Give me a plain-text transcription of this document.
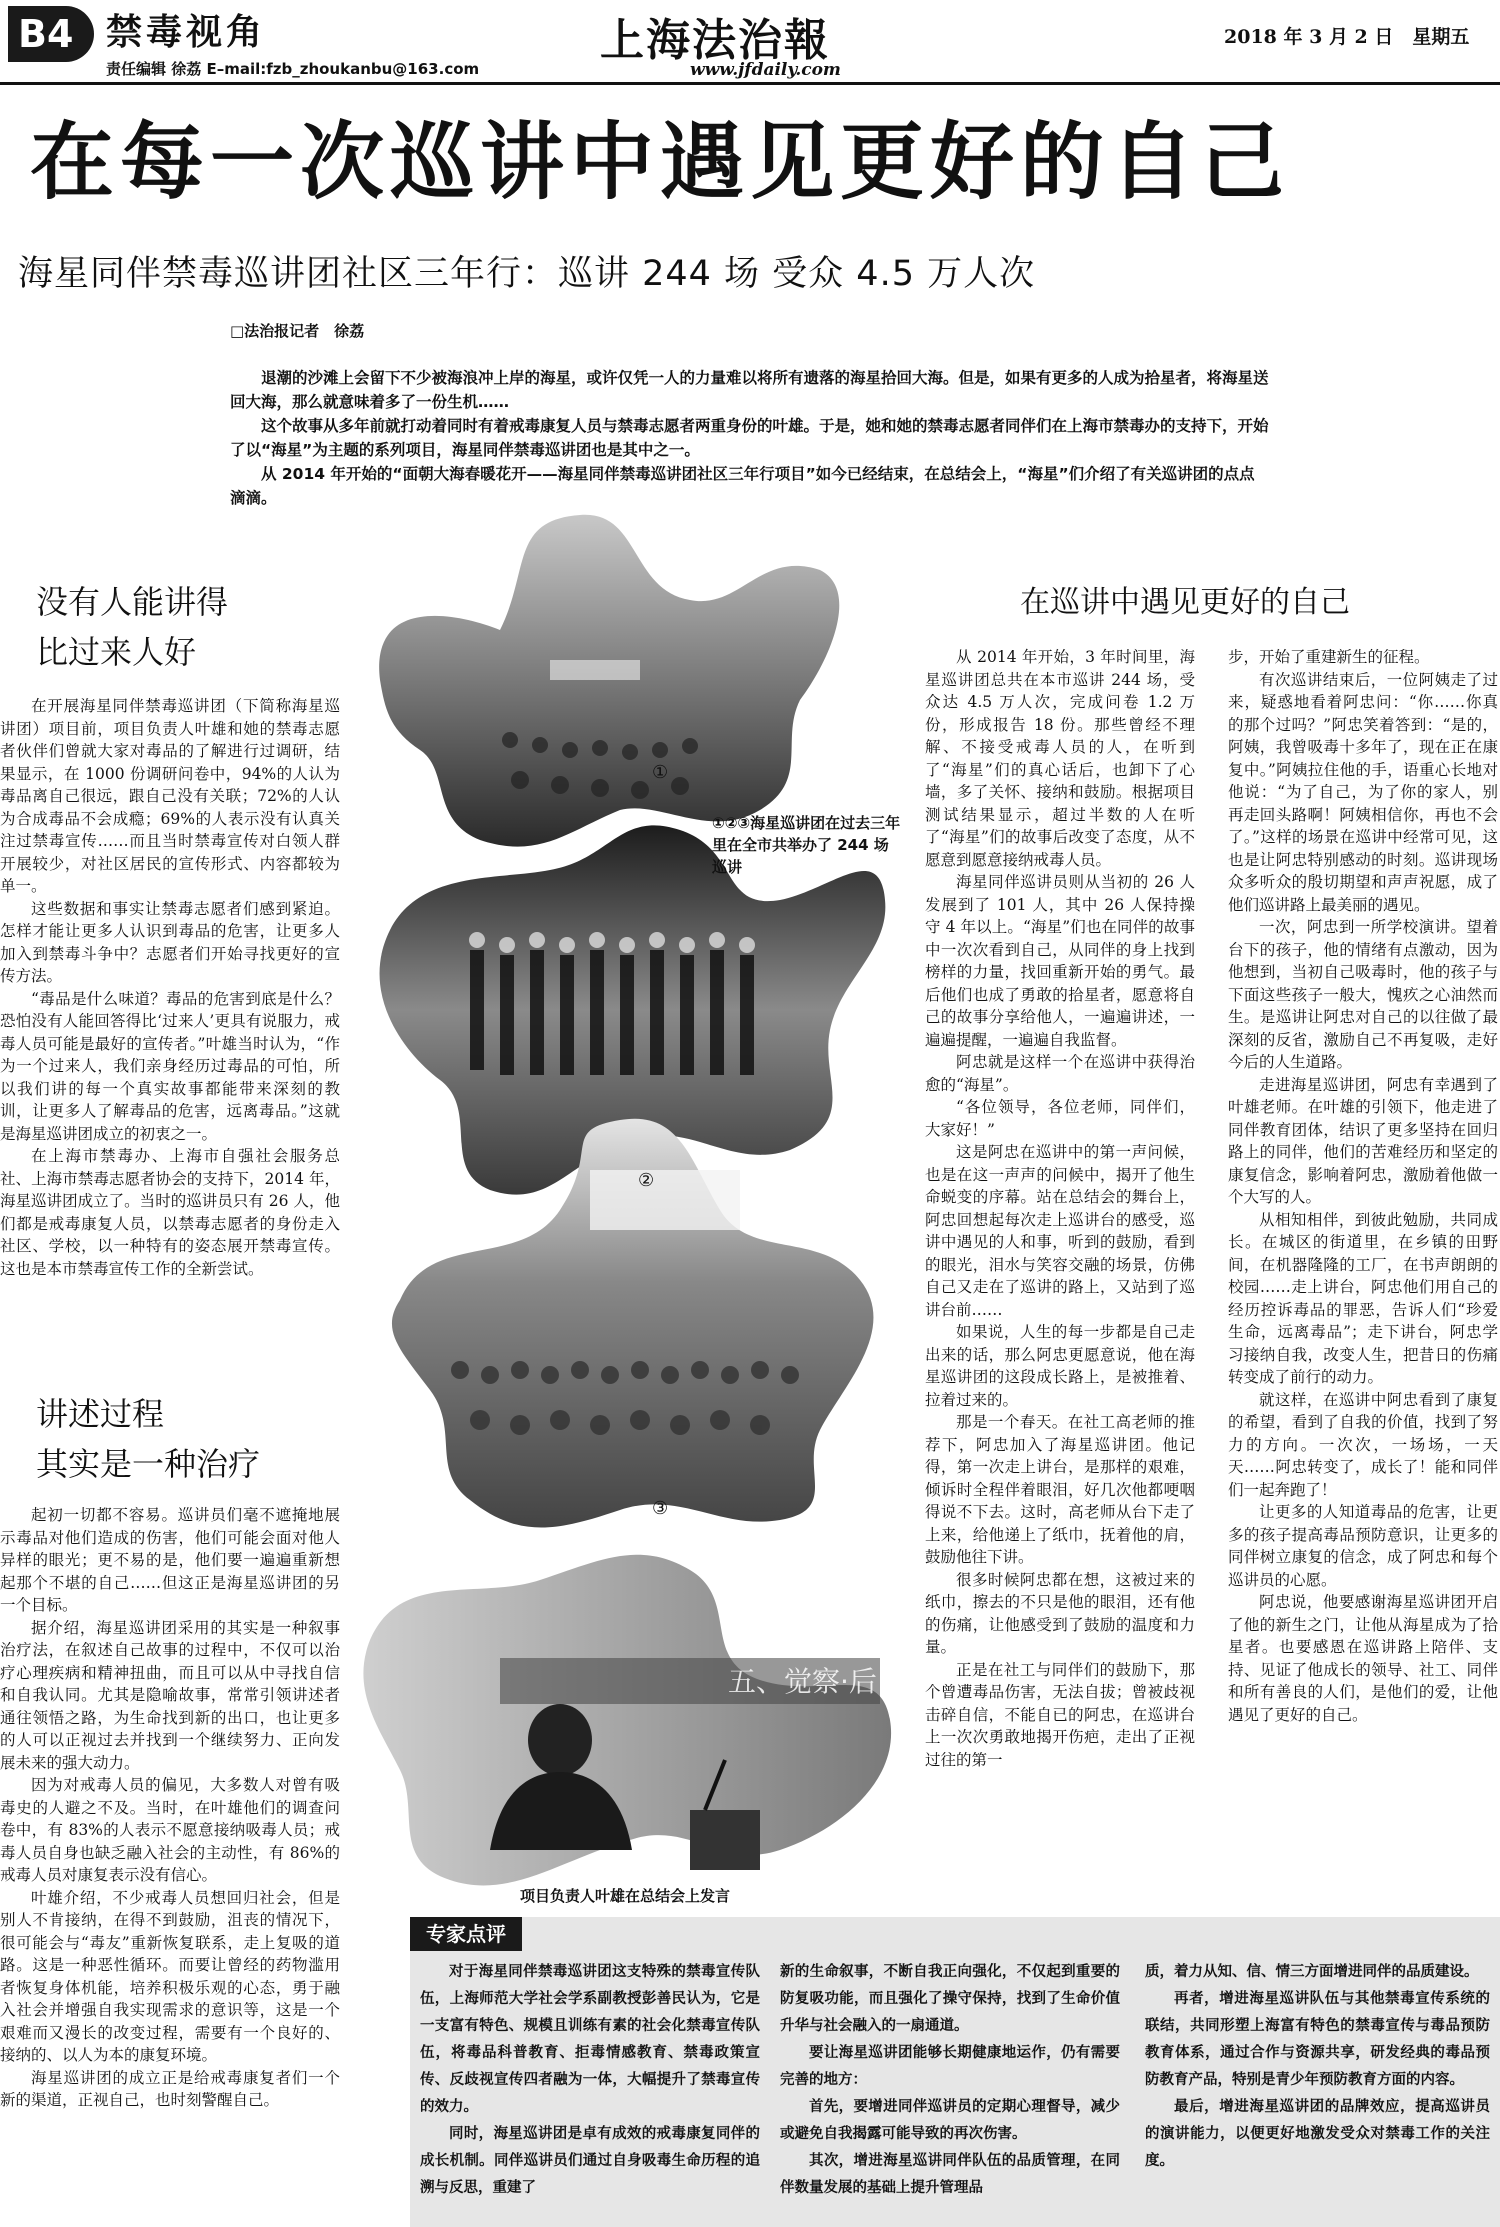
B4 禁毒视角
责任编辑 徐荔 E–mail:fzb_zhoukanbu@163.com
上海法治報
www.jfdaily.com
2018 年 3 月 2 日　星期五
在每一次巡讲中遇见更好的自己
海星同伴禁毒巡讲团社区三年行：巡讲 244 场 受众 4.5 万人次
□法治报记者　徐荔

退潮的沙滩上会留下不少被海浪冲上岸的海星，或许仅凭一人的力量难以将所有遗落的海星拾回大海。但是，如果有更多的人成为拾星者，将海星送回大海，那么就意味着多了一份生机……

这个故事从多年前就打动着同时有着戒毒康复人员与禁毒志愿者两重身份的叶雄。于是，她和她的禁毒志愿者同伴们在上海市禁毒办的支持下，开始了以“海星”为主题的系列项目，海星同伴禁毒巡讲团也是其中之一。

从 2014 年开始的“面朝大海春暖花开——海星同伴禁毒巡讲团社区三年行项目”如今已经结束，在总结会上，“海星”们介绍了有关巡讲团的点点滴滴。

没有人能讲得
比过来人好

在开展海星同伴禁毒巡讲团（下简称海星巡讲团）项目前，项目负责人叶雄和她的禁毒志愿者伙伴们曾就大家对毒品的了解进行过调研，结果显示，在 1000 份调研问卷中，94%的人认为毒品离自己很远，跟自己没有关联；72%的人认为合成毒品不会成瘾；69%的人表示没有认真关注过禁毒宣传……而且当时禁毒宣传对白领人群开展较少，对社区居民的宣传形式、内容都较为单一。

这些数据和事实让禁毒志愿者们感到紧迫。怎样才能让更多人认识到毒品的危害，让更多人加入到禁毒斗争中？志愿者们开始寻找更好的宣传方法。

“毒品是什么味道？毒品的危害到底是什么？恐怕没有人能回答得比‘过来人’更具有说服力，戒毒人员可能是最好的宣传者。”叶雄当时认为，“作为一个过来人，我们亲身经历过毒品的可怕，所以我们讲的每一个真实故事都能带来深刻的教训，让更多人了解毒品的危害，远离毒品。”这就是海星巡讲团成立的初衷之一。

在上海市禁毒办、上海市自强社会服务总社、上海市禁毒志愿者协会的支持下，2014 年，海星巡讲团成立了。当时的巡讲员只有 26 人，他们都是戒毒康复人员，以禁毒志愿者的身份走入社区、学校，以一种特有的姿态展开禁毒宣传。这也是本市禁毒宣传工作的全新尝试。

讲述过程
其实是一种治疗

起初一切都不容易。巡讲员们毫不遮掩地展示毒品对他们造成的伤害，他们可能会面对他人异样的眼光；更不易的是，他们要一遍遍重新想起那个不堪的自己……但这正是海星巡讲团的另一个目标。

据介绍，海星巡讲团采用的其实是一种叙事治疗法，在叙述自己故事的过程中，不仅可以治疗心理疾病和精神扭曲，而且可以从中寻找自信和自我认同。尤其是隐喻故事，常常引领讲述者通往领悟之路，为生命找到新的出口，也让更多的人可以正视过去并找到一个继续努力、正向发展未来的强大动力。

因为对戒毒人员的偏见，大多数人对曾有吸毒史的人避之不及。当时，在叶雄他们的调查问卷中，有 83%的人表示不愿意接纳吸毒人员；戒毒人员自身也缺乏融入社会的主动性，有 86%的戒毒人员对康复表示没有信心。

叶雄介绍，不少戒毒人员想回归社会，但是别人不肯接纳，在得不到鼓励，沮丧的情况下，很可能会与“毒友”重新恢复联系，走上复吸的道路。这是一种恶性循环。而要让曾经的药物滥用者恢复身体机能，培养积极乐观的心态，勇于融入社会并增强自我实现需求的意识等，这是一个艰难而又漫长的改变过程，需要有一个良好的、接纳的、以人为本的康复环境。

海星巡讲团的成立正是给戒毒康复者们一个新的渠道，正视自己，也时刻警醒自己。

①
②
③
①②③海星巡讲团在过去三年里在全市共举办了 244 场巡讲
五、觉察·后
项目负责人叶雄在总结会上发言
在巡讲中遇见更好的自己

从 2014 年开始，3 年时间里，海星巡讲团总共在本市巡讲 244 场，受众达 4.5 万人次，完成问卷 1.2 万份，形成报告 18 份。那些曾经不理解、不接受戒毒人员的人，在听到了“海星”们的真心话后，也卸下了心墙，多了关怀、接纳和鼓励。根据项目测试结果显示，超过半数的人在听了“海星”们的故事后改变了态度，从不愿意到愿意接纳戒毒人员。

海星同伴巡讲员则从当初的 26 人发展到了 101 人，其中 26 人保持操守 4 年以上。“海星”们也在同伴的故事中一次次看到自己，从同伴的身上找到榜样的力量，找回重新开始的勇气。最后他们也成了勇敢的拾星者，愿意将自己的故事分享给他人，一遍遍讲述，一遍遍提醒，一遍遍自我监督。

阿忠就是这样一个在巡讲中获得治愈的“海星”。

“各位领导，各位老师，同伴们，大家好！”

这是阿忠在巡讲中的第一声问候，也是在这一声声的问候中，揭开了他生命蜕变的序幕。站在总结会的舞台上，阿忠回想起每次走上巡讲台的感受，巡讲中遇见的人和事，听到的鼓励，看到的眼光，泪水与笑容交融的场景，仿佛自己又走在了巡讲的路上，又站到了巡讲台前……

如果说，人生的每一步都是自己走出来的话，那么阿忠更愿意说，他在海星巡讲团的这段成长路上，是被推着、拉着过来的。

那是一个春天。在社工高老师的推荐下，阿忠加入了海星巡讲团。他记得，第一次走上讲台，是那样的艰难，倾诉时全程伴着眼泪，好几次他都哽咽得说不下去。这时，高老师从台下走了上来，给他递上了纸巾，抚着他的肩，鼓励他往下讲。

很多时候阿忠都在想，这被过来的纸巾，擦去的不只是他的眼泪，还有他的伤痛，让他感受到了鼓励的温度和力量。

正是在社工与同伴们的鼓励下，那个曾遭毒品伤害，无法自拔；曾被歧视击碎自信，不能自已的阿忠，在巡讲台上一次次勇敢地揭开伤疤，走出了正视过往的第一

步，开始了重建新生的征程。

有次巡讲结束后，一位阿姨走了过来，疑惑地看着阿忠问：“你……你真的那个过吗？”阿忠笑着答到：“是的，阿姨，我曾吸毒十多年了，现在正在康复中。”阿姨拉住他的手，语重心长地对他说：“为了自己，为了你的家人，别再走回头路啊！阿姨相信你，再也不会了。”这样的场景在巡讲中经常可见，这也是让阿忠特别感动的时刻。巡讲现场众多听众的殷切期望和声声祝愿，成了他们巡讲路上最美丽的遇见。

一次，阿忠到一所学校演讲。望着台下的孩子，他的情绪有点激动，因为他想到，当初自己吸毒时，他的孩子与下面这些孩子一般大，愧疚之心油然而生。是巡讲让阿忠对自己的以往做了最深刻的反省，激励自己不再复吸，走好今后的人生道路。

走进海星巡讲团，阿忠有幸遇到了叶雄老师。在叶雄的引领下，他走进了同伴教育团体，结识了更多坚持在回归路上的同伴，他们的苦难经历和坚定的康复信念，影响着阿忠，激励着他做一个大写的人。

从相知相伴，到彼此勉励，共同成长。在城区的街道里，在乡镇的田野间，在机器隆隆的工厂，在书声朗朗的校园……走上讲台，阿忠他们用自己的经历控诉毒品的罪恶，告诉人们“珍爱生命，远离毒品”；走下讲台，阿忠学习接纳自我，改变人生，把昔日的伤痛转变成了前行的动力。

就这样，在巡讲中阿忠看到了康复的希望，看到了自我的价值，找到了努力的方向。一次次，一场场，一天天……阿忠转变了，成长了！能和同伴们一起奔跑了！

让更多的人知道毒品的危害，让更多的孩子提高毒品预防意识，让更多的同伴树立康复的信念，成了阿忠和每个巡讲员的心愿。

阿忠说，他要感谢海星巡讲团开启了他的新生之门，让他从海星成为了拾星者。也要感恩在巡讲路上陪伴、支持、见证了他成长的领导、社工、同伴和所有善良的人们，是他们的爱，让他遇见了更好的自己。

专家点评

对于海星同伴禁毒巡讲团这支特殊的禁毒宣传队伍，上海师范大学社会学系副教授彭善民认为，它是一支富有特色、规模且训练有素的社会化禁毒宣传队伍，将毒品科普教育、拒毒情感教育、禁毒政策宣传、反歧视宣传四者融为一体，大幅提升了禁毒宣传的效力。

同时，海星巡讲团是卓有成效的戒毒康复同伴的成长机制。同伴巡讲员们通过自身吸毒生命历程的追溯与反思，重建了

新的生命叙事，不断自我正向强化，不仅起到重要的防复吸功能，而且强化了操守保持，找到了生命价值升华与社会融入的一扇通道。

要让海星巡讲团能够长期健康地运作，仍有需要完善的地方：

首先，要增进同伴巡讲员的定期心理督导，减少或避免自我揭露可能导致的再次伤害。

其次，增进海星巡讲同伴队伍的品质管理，在同伴数量发展的基础上提升管理品

质，着力从知、信、情三方面增进同伴的品质建设。

再者，增进海星巡讲队伍与其他禁毒宣传系统的联结，共同形塑上海富有特色的禁毒宣传与毒品预防教育体系，通过合作与资源共享，研发经典的毒品预防教育产品，特别是青少年预防教育方面的内容。

最后，增进海星巡讲团的品牌效应，提高巡讲员的演讲能力，以便更好地激发受众对禁毒工作的关注度。
